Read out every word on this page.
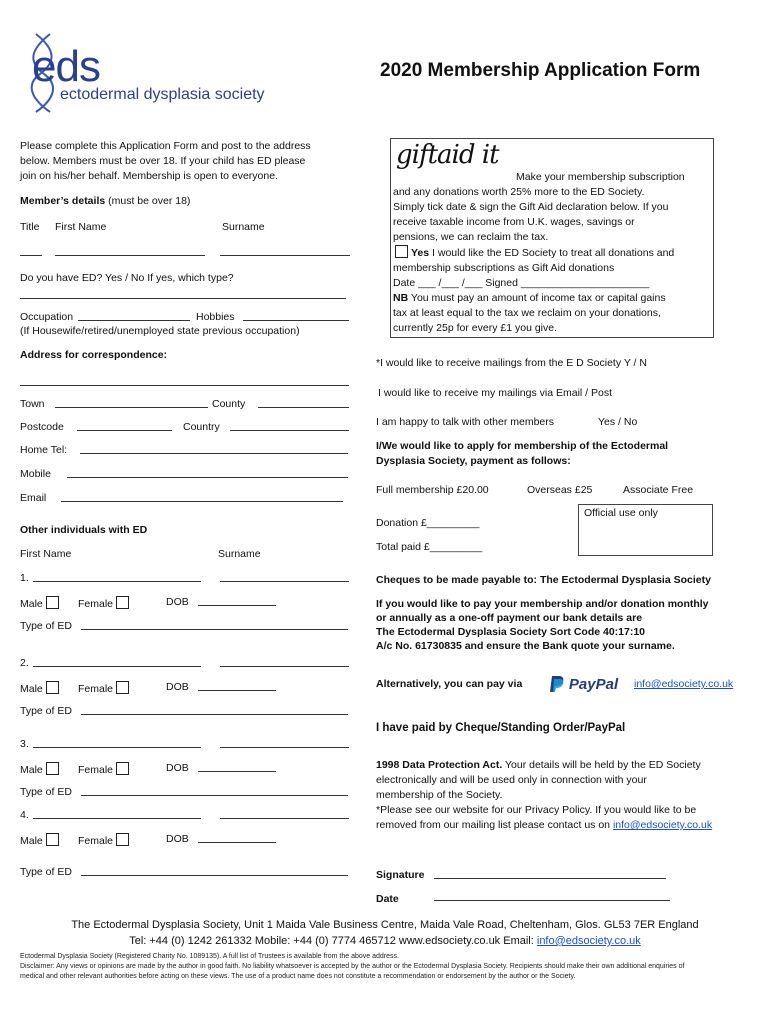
eds
ectodermal dysplasia society
2020 Membership Application Form
Please complete this Application Form and post to the address
below. Members must be over 18. If your child has ED please
join on his/her behalf. Membership is open to everyone.
Member’s details (must be over 18)
Title First Name	Surname
Do you have ED? Yes / No If yes, which type?
Occupation	Hobbies
(If Housewife/retired/unemployed state previous occupation)
Address for correspondence:
Town	County
Postcode	Country
Home Tel:
Mobile
Email
Other individuals with ED
First Name	Surname
1.
Male	Female	DOB
Type of ED
2.
Male	Female	DOB
Type of ED
3.
Male	Female	DOB
Type of ED
4.
Male	Female	DOB
Type of ED
giftaid it
Make your membership subscription
and any donations worth 25% more to the ED Society.
Simply tick date & sign the Gift Aid declaration below. If you
receive taxable income from U.K. wages, savings or
pensions, we can reclaim the tax.
Yes I would like the ED Society to treat all donations and
membership subscriptions as Gift Aid donations
Date ___ /___ /___ Signed ______________________
NB You must pay an amount of income tax or capital gains
tax at least equal to the tax we reclaim on your donations,
currently 25p for every £1 you give.
*I would like to receive mailings from the E D Society Y / N
I would like to receive my mailings via Email / Post
I am happy to talk with other members	Yes / No
I/We would like to apply for membership of the Ectodermal
Dysplasia Society, payment as follows:
Full membership £20.00	Overseas £25	Associate Free
Official use only
Donation £_________
Total paid £_________
Cheques to be made payable to: The Ectodermal Dysplasia Society
If you would like to pay your membership and/or donation monthly
or annually as a one-off payment our bank details are
The Ectodermal Dysplasia Society Sort Code 40:17:10
A/c No. 61730835 and ensure the Bank quote your surname.
Alternatively, you can pay via	PayPal info@edsociety.co.uk
I have paid by Cheque/Standing Order/PayPal
1998 Data Protection Act. Your details will be held by the ED Society
electronically and will be used only in connection with your
membership of the Society.
*Please see our website for our Privacy Policy. If you would like to be
removed from our mailing list please contact us on info@edsociety.co.uk
Signature
Date
The Ectodermal Dysplasia Society, Unit 1 Maida Vale Business Centre, Maida Vale Road, Cheltenham, Glos. GL53 7ER England
Tel: +44 (0) 1242 261332 Mobile: +44 (0) 7774 465712 www.edsociety.co.uk Email: info@edsociety.co.uk
Ectodermal Dysplasia Society (Registered Charity No. 1089135). A full list of Trustees is available from the above address.
Disclaimer: Any views or opinions are made by the author in good faith. No liability whatsoever is accepted by the author or the Ectodermal Dysplasia Society. Recipients should make their own additional enquiries of
medical and other relevant authorities before acting on these views. The use of a product name does not constitute a recommendation or endorsement by the author or the Society.
